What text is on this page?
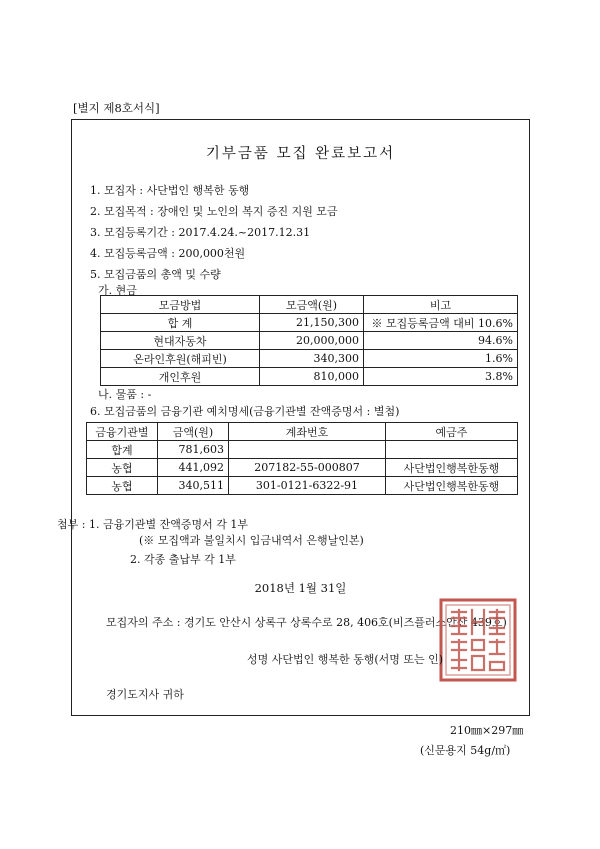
[별지 제8호서식]
기부금품 모집 완료보고서
1. 모집자 : 사단법인 행복한 동행
2. 모집목적 : 장애인 및 노인의 복지 증진 지원 모금
3. 모집등록기간 : 2017.4.24.~2017.12.31
4. 모집등록금액 : 200,000천원
5. 모집금품의 총액 및 수량
가. 현금
모금방법	모금액(원)	비고
합 계	21,150,300	※ 모집등록금액 대비 10.6%
현대자동차	20,000,000	94.6%
온라인후원(해피빈)	340,300	1.6%
개인후원	810,000	3.8%
나. 물품 : -
6. 모집금품의 금융기관 예치명세(금융기관별 잔액증명서 : 별첨)
금융기관별	금액(원)	계좌번호	예금주
합계	781,603		
농협	441,092	207182-55-000807	사단법인행복한동행
농협	340,511	301-0121-6322-91	사단법인행복한동행
첨부 : 1. 금융기관별 잔액증명서 각 1부
(※ 모집액과 불일치시 입금내역서 은행날인본)
2. 각종 출납부 각 1부
2018년 1월 31일
모집자의 주소 : 경기도 안산시 상록구 상록수로 28, 406호(비즈플러스안산 439호)
성명 사단법인 행복한 동행(서명 또는 인)
경기도지사 귀하
210㎜×297㎜
(신문용지 54g/㎡)
